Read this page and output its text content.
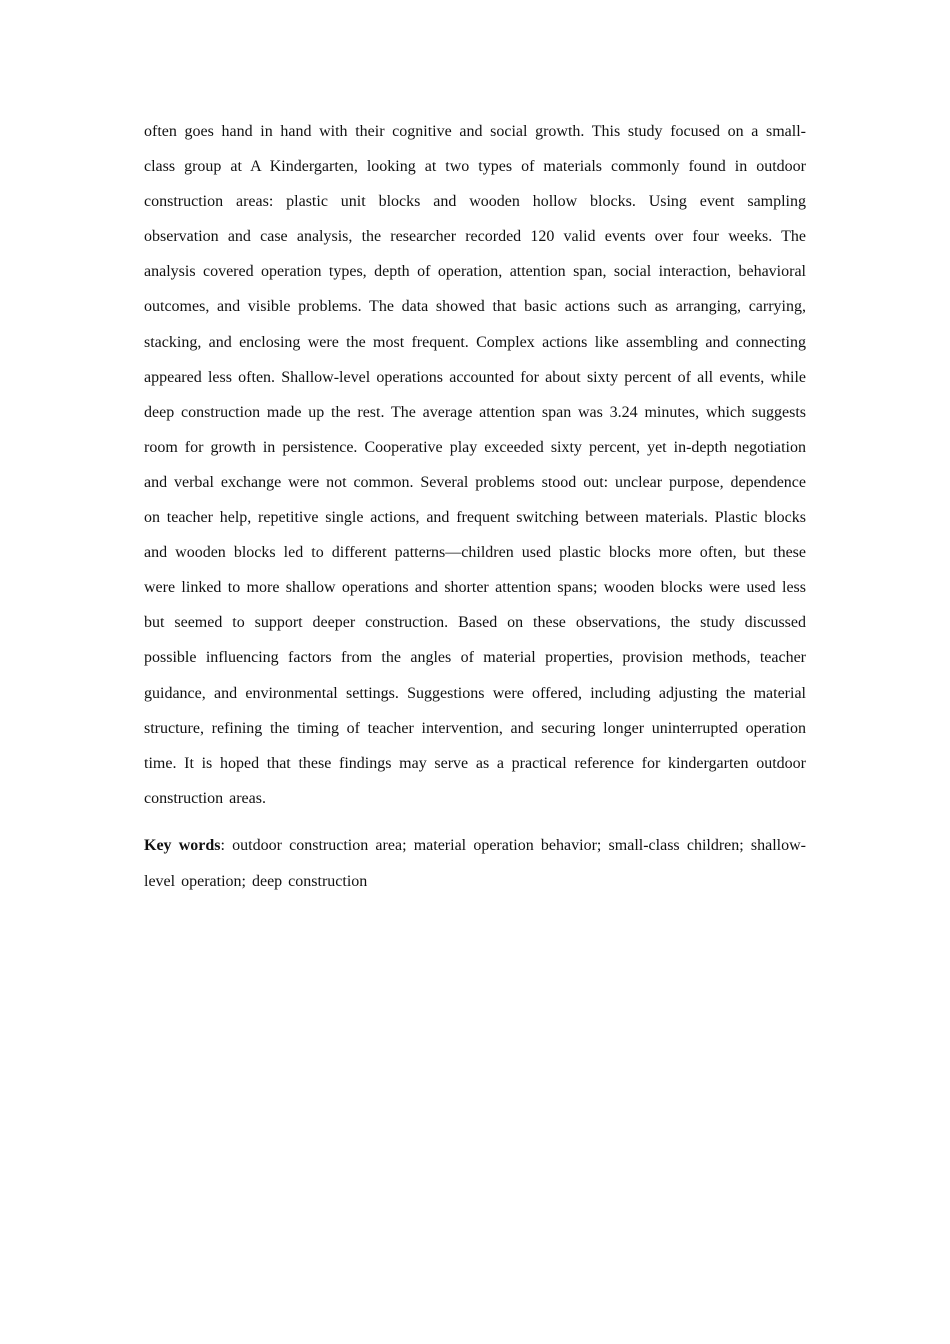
often goes hand in hand with their cognitive and social growth. This study focused on a small-class group at A Kindergarten, looking at two types of materials commonly found in outdoor construction areas: plastic unit blocks and wooden hollow blocks. Using event sampling observation and case analysis, the researcher recorded 120 valid events over four weeks. The analysis covered operation types, depth of operation, attention span, social interaction, behavioral outcomes, and visible problems. The data showed that basic actions such as arranging, carrying, stacking, and enclosing were the most frequent. Complex actions like assembling and connecting appeared less often. Shallow-level operations accounted for about sixty percent of all events, while deep construction made up the rest. The average attention span was 3.24 minutes, which suggests room for growth in persistence. Cooperative play exceeded sixty percent, yet in-depth negotiation and verbal exchange were not common. Several problems stood out: unclear purpose, dependence on teacher help, repetitive single actions, and frequent switching between materials. Plastic blocks and wooden blocks led to different patterns—children used plastic blocks more often, but these were linked to more shallow operations and shorter attention spans; wooden blocks were used less but seemed to support deeper construction. Based on these observations, the study discussed possible influencing factors from the angles of material properties, provision methods, teacher guidance, and environmental settings. Suggestions were offered, including adjusting the material structure, refining the timing of teacher intervention, and securing longer uninterrupted operation time. It is hoped that these findings may serve as a practical reference for kindergarten outdoor construction areas.

Key words: outdoor construction area; material operation behavior; small-class children; shallow-level operation; deep construction
